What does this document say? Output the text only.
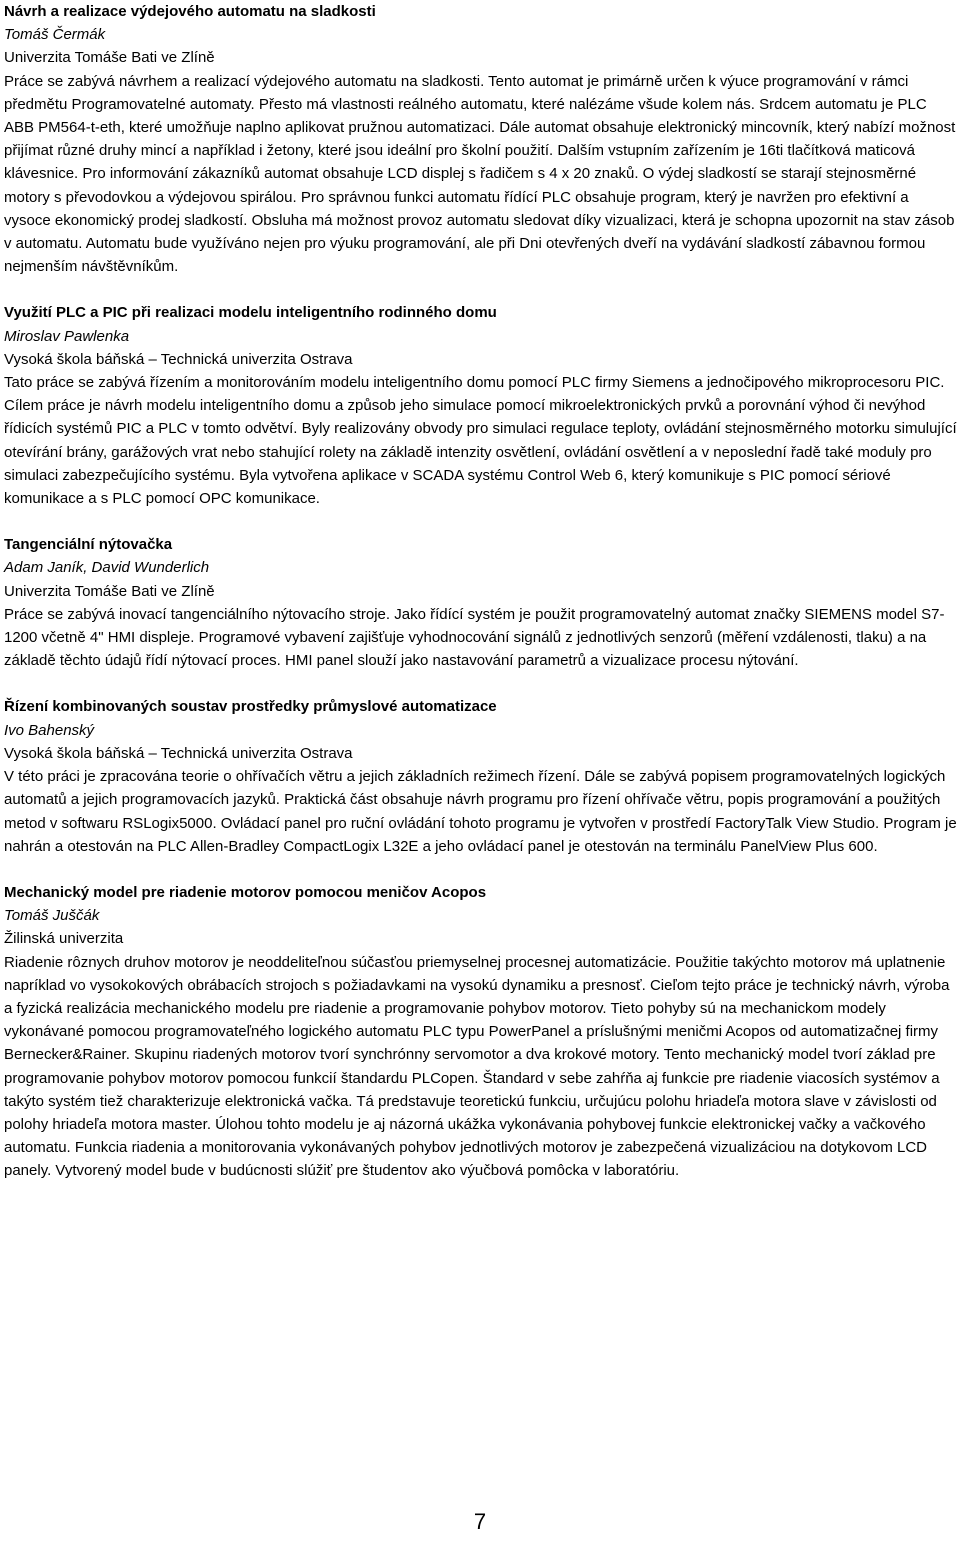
Návrh a realizace výdejového automatu na sladkosti

Tomáš Čermák

Univerzita Tomáše Bati ve Zlíně

Práce se zabývá návrhem a realizací výdejového automatu na sladkosti. Tento automat je primárně určen k výuce programování v rámci předmětu Programovatelné automaty. Přesto má vlastnosti reálného automatu, které nalézáme všude kolem nás. Srdcem automatu je PLC ABB PM564-t-eth, které umožňuje naplno aplikovat pružnou automatizaci. Dále automat obsahuje elektronický mincovník, který nabízí možnost přijímat různé druhy mincí a například i žetony, které jsou ideální pro školní použití. Dalším vstupním zařízením je 16ti tlačítková maticová klávesnice. Pro informování zákazníků automat obsahuje LCD displej s řadičem s 4 x 20 znaků. O výdej sladkostí se starají stejnosměrné motory s převodovkou a výdejovou spirálou. Pro správnou funkci automatu řídící PLC obsahuje program, který je navržen pro efektivní a vysoce ekonomický prodej sladkostí. Obsluha má možnost provoz automatu sledovat díky vizualizaci, která je schopna upozornit na stav zásob v automatu. Automatu bude využíváno nejen pro výuku programování, ale při Dni otevřených dveří na vydávání sladkostí zábavnou formou nejmenším návštěvníkům.

Využití PLC a PIC při realizaci modelu inteligentního rodinného domu

Miroslav Pawlenka

Vysoká škola báňská – Technická univerzita Ostrava

Tato práce se zabývá řízením a monitorováním modelu inteligentního domu pomocí PLC firmy Siemens a jednočipového mikroprocesoru PIC. Cílem práce je návrh modelu inteligentního domu a způsob jeho simulace pomocí mikroelektronických prvků a porovnání výhod či nevýhod řídicích systémů PIC a PLC v tomto odvětví. Byly realizovány obvody pro simulaci regulace teploty, ovládání stejnosměrného motorku simulující otevírání brány, garážových vrat nebo stahující rolety na základě intenzity osvětlení, ovládání osvětlení a v neposlední řadě také moduly pro simulaci zabezpečujícího systému. Byla vytvořena aplikace v SCADA systému Control Web 6, který komunikuje s PIC pomocí sériové komunikace a s PLC pomocí OPC komunikace.

Tangenciální nýtovačka

Adam Janík, David Wunderlich

Univerzita Tomáše Bati ve Zlíně

Práce se zabývá inovací tangenciálního nýtovacího stroje. Jako řídící systém je použit programovatelný automat značky SIEMENS model S7-1200 včetně 4" HMI displeje. Programové vybavení zajišťuje vyhodnocování signálů z jednotlivých senzorů (měření vzdálenosti, tlaku) a na základě těchto údajů řídí nýtovací proces. HMI panel slouží jako nastavování parametrů a vizualizace procesu nýtování.

Řízení kombinovaných soustav prostředky průmyslové automatizace

Ivo Bahenský

Vysoká škola báňská – Technická univerzita Ostrava

V této práci je zpracována teorie o ohřívačích větru a jejich základních režimech řízení. Dále se zabývá popisem programovatelných logických automatů a jejich programovacích jazyků. Praktická část obsahuje návrh programu pro řízení ohřívače větru, popis programování a použitých metod v softwaru RSLogix5000. Ovládací panel pro ruční ovládání tohoto programu je vytvořen v prostředí FactoryTalk View Studio. Program je nahrán a otestován na PLC Allen-Bradley CompactLogix L32E a jeho ovládací panel je otestován na terminálu PanelView Plus 600.

Mechanický model pre riadenie motorov pomocou meničov Acopos

Tomáš Juščák

Žilinská univerzita

Riadenie rôznych druhov motorov je neoddeliteľnou súčasťou priemyselnej procesnej automatizácie. Použitie takýchto motorov má uplatnenie napríklad vo vysokokových obrábacích strojoch s požiadavkami na vysokú dynamiku a presnosť. Cieľom tejto práce je technický návrh, výroba a fyzická realizácia mechanického modelu pre riadenie a programovanie pohybov motorov. Tieto pohyby sú na mechanickom modely vykonávané pomocou programovateľného logického automatu PLC typu PowerPanel a príslušnými meničmi Acopos od automatizačnej firmy Bernecker&Rainer. Skupinu riadených motorov tvorí synchrónny servomotor a dva krokové motory. Tento mechanický model tvorí základ pre programovanie pohybov motorov pomocou funkcií štandardu PLCopen. Štandard v sebe zahŕňa aj funkcie pre riadenie viacosích systémov a takýto systém tiež charakterizuje elektronická vačka. Tá predstavuje teoretickú funkciu, určujúcu polohu hriadeľa motora slave v závislosti od polohy hriadeľa motora master. Úlohou tohto modelu je aj názorná ukážka vykonávania pohybovej funkcie elektronickej vačky a vačkového automatu. Funkcia riadenia a monitorovania vykonávaných pohybov jednotlivých motorov je zabezpečená vizualizáciou na dotykovom LCD panely. Vytvorený model bude v budúcnosti slúžiť pre študentov ako výučbová pomôcka v laboratóriu.

7
